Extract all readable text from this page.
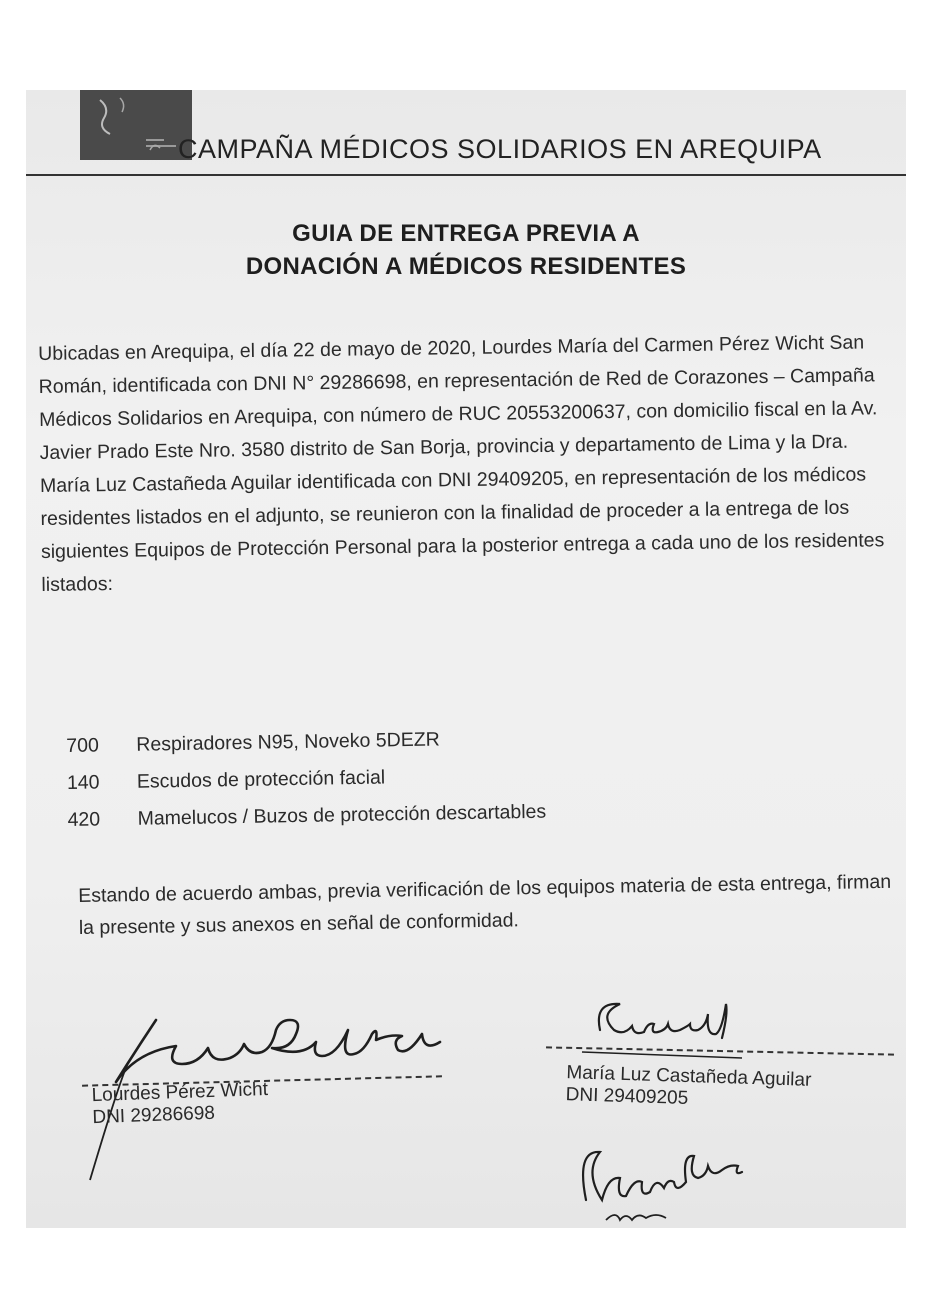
CAMPAÑA MÉDICOS SOLIDARIOS EN AREQUIPA
GUIA DE ENTREGA PREVIA A
DONACIÓN A MÉDICOS RESIDENTES

Ubicadas en Arequipa, el día 22 de mayo de 2020, Lourdes María del Carmen Pérez Wicht San Román, identificada con DNI N° 29286698, en representación de Red de Corazones – Campaña Médicos Solidarios en Arequipa, con número de RUC 20553200637, con domicilio fiscal en la Av. Javier Prado Este Nro. 3580 distrito de San Borja, provincia y departamento de Lima y la Dra. María Luz Castañeda Aguilar identificada con DNI 29409205, en representación de los médicos residentes listados en el adjunto, se reunieron con la finalidad de proceder a la entrega de los siguientes Equipos de Protección Personal para la posterior entrega a cada uno de los residentes listados:

700	Respiradores N95, Noveko 5DEZR
140	Escudos de protección facial
420	Mamelucos / Buzos de protección descartables
Estando de acuerdo ambas, previa verificación de los equipos materia de esta entrega, firman la presente y sus anexos en señal de conformidad.
Lourdes Pérez Wicht
DNI 29286698
María Luz Castañeda Aguilar
DNI 29409205
